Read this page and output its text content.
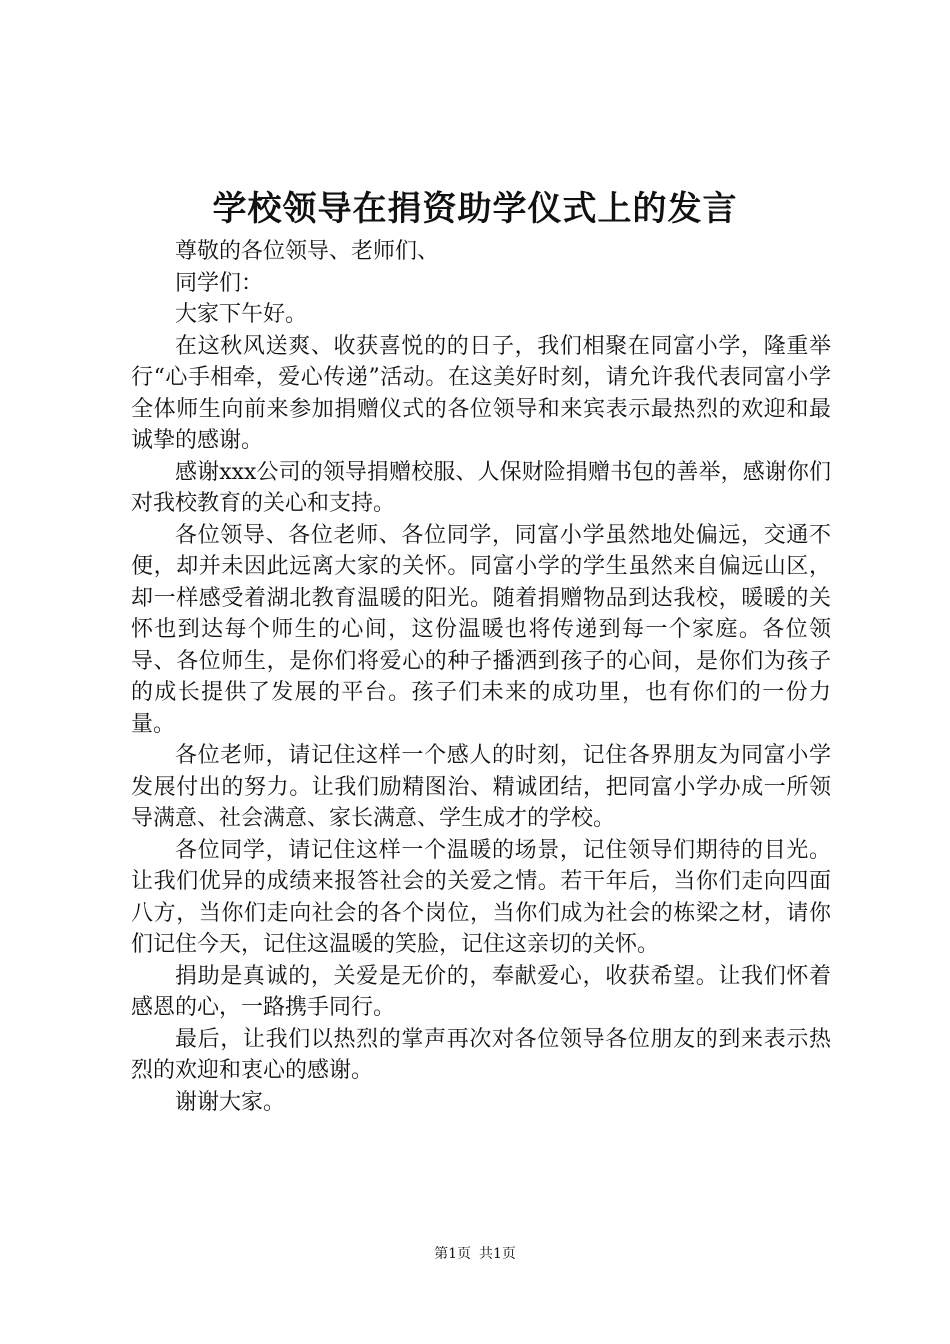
学校领导在捐资助学仪式上的发言

尊敬的各位领导、老师们、

同学们：

大家下午好。

在这秋风送爽、收获喜悦的的日子，我们相聚在同富小学，隆重举行“心手相牵，爱心传递”活动。在这美好时刻，请允许我代表同富小学全体师生向前来参加捐赠仪式的各位领导和来宾表示最热烈的欢迎和最诚挚的感谢。

感谢xxx公司的领导捐赠校服、人保财险捐赠书包的善举，感谢你们对我校教育的关心和支持。

各位领导、各位老师、各位同学，同富小学虽然地处偏远，交通不便，却并未因此远离大家的关怀。同富小学的学生虽然来自偏远山区，却一样感受着湖北教育温暖的阳光。随着捐赠物品到达我校，暖暖的关怀也到达每个师生的心间，这份温暖也将传递到每一个家庭。各位领导、各位师生，是你们将爱心的种子播洒到孩子的心间，是你们为孩子的成长提供了发展的平台。孩子们未来的成功里，也有你们的一份力量。

各位老师，请记住这样一个感人的时刻，记住各界朋友为同富小学发展付出的努力。让我们励精图治、精诚团结，把同富小学办成一所领导满意、社会满意、家长满意、学生成才的学校。

各位同学，请记住这样一个温暖的场景，记住领导们期待的目光。让我们优异的成绩来报答社会的关爱之情。若干年后，当你们走向四面八方，当你们走向社会的各个岗位，当你们成为社会的栋梁之材，请你们记住今天，记住这温暖的笑脸，记住这亲切的关怀。

捐助是真诚的，关爱是无价的，奉献爱心，收获希望。让我们怀着感恩的心，一路携手同行。

最后，让我们以热烈的掌声再次对各位领导各位朋友的到来表示热烈的欢迎和衷心的感谢。

谢谢大家。

第1页 共1页
